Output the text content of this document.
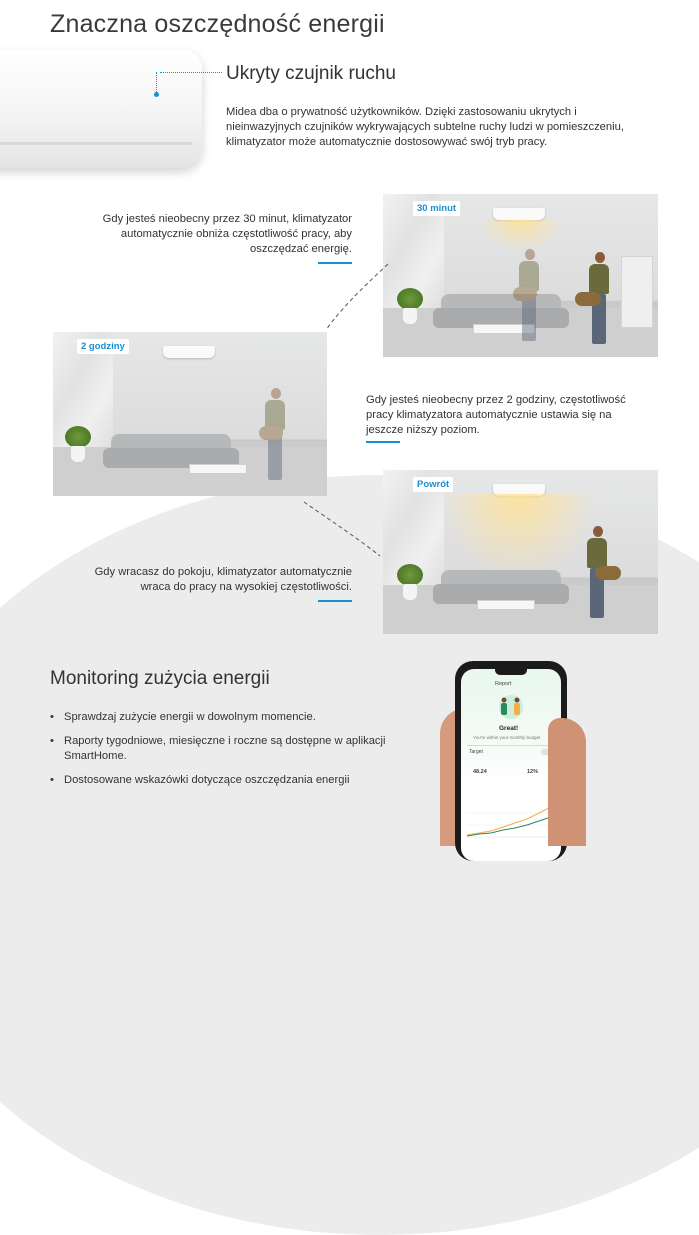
Znaczna oszczędność energii
Ukryty czujnik ruchu
Midea dba o prywatność użytkowników. Dzięki zastosowaniu ukrytych i nieinwazyjnych czujników wykrywających subtelne ruchy ludzi w pomieszczeniu, klimatyzator może automatycznie dostosowywać swój tryb pracy.
Gdy jesteś nieobecny przez 30 minut, klimatyzator automatycznie obniża częstotliwość pracy, aby oszczędzać energię.
30 minut
2 godziny
Gdy jesteś nieobecny przez 2 godziny, częstotliwość pracy klimatyzatora automatycznie ustawia się na jeszcze niższy poziom.
Powrót
Gdy wracasz do pokoju, klimatyzator automatycznie wraca do pracy na wysokiej częstotliwości.
Monitoring zużycia energii
• Sprawdzaj zużycie energii w dowolnym momencie.
• Raporty tygodniowe, miesięczne i roczne są dostępne w aplikacji SmartHome.
• Dostosowane wskazówki dotyczące oszczędzania energii
Report
Great!
You're within your monthly budget
Target
48.24	12%
